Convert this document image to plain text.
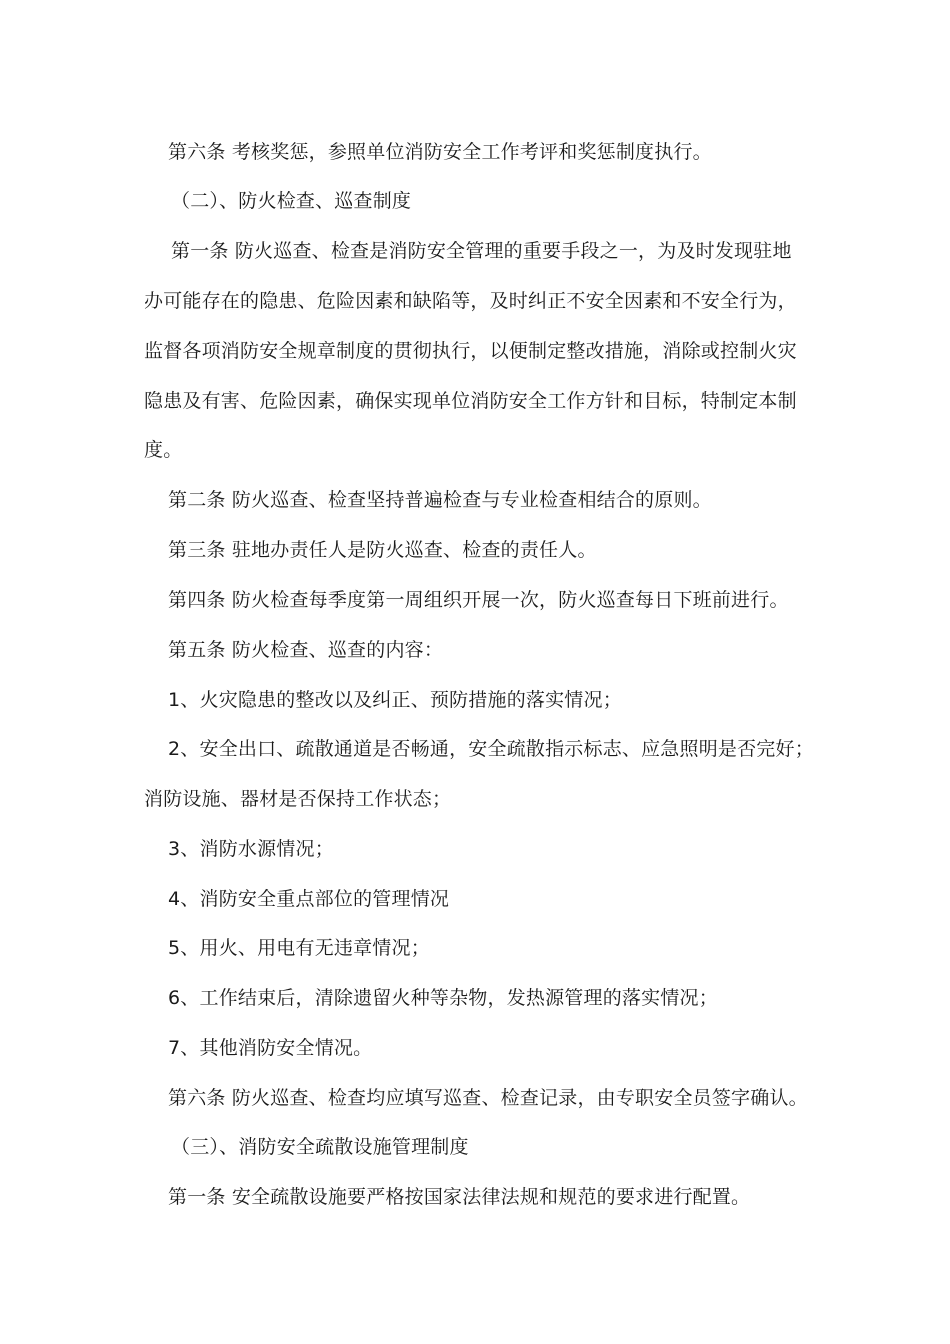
第六条 考核奖惩，参照单位消防安全工作考评和奖惩制度执行。
（二）、防火检查、巡查制度
第一条 防火巡查、检查是消防安全管理的重要手段之一，为及时发现驻地
办可能存在的隐患、危险因素和缺陷等，及时纠正不安全因素和不安全行为，
监督各项消防安全规章制度的贯彻执行，以便制定整改措施，消除或控制火灾
隐患及有害、危险因素，确保实现单位消防安全工作方针和目标，特制定本制
度。
第二条 防火巡查、检查坚持普遍检查与专业检查相结合的原则。
第三条 驻地办责任人是防火巡查、检查的责任人。
第四条 防火检查每季度第一周组织开展一次，防火巡查每日下班前进行。
第五条 防火检查、巡查的内容：
1、火灾隐患的整改以及纠正、预防措施的落实情况；
2、安全出口、疏散通道是否畅通，安全疏散指示标志、应急照明是否完好；
消防设施、器材是否保持工作状态；
3、消防水源情况；
4、消防安全重点部位的管理情况
5、用火、用电有无违章情况；
6、工作结束后，清除遗留火种等杂物，发热源管理的落实情况；
7、其他消防安全情况。
第六条 防火巡查、检查均应填写巡查、检查记录，由专职安全员签字确认。
（三）、消防安全疏散设施管理制度
第一条 安全疏散设施要严格按国家法律法规和规范的要求进行配置。
